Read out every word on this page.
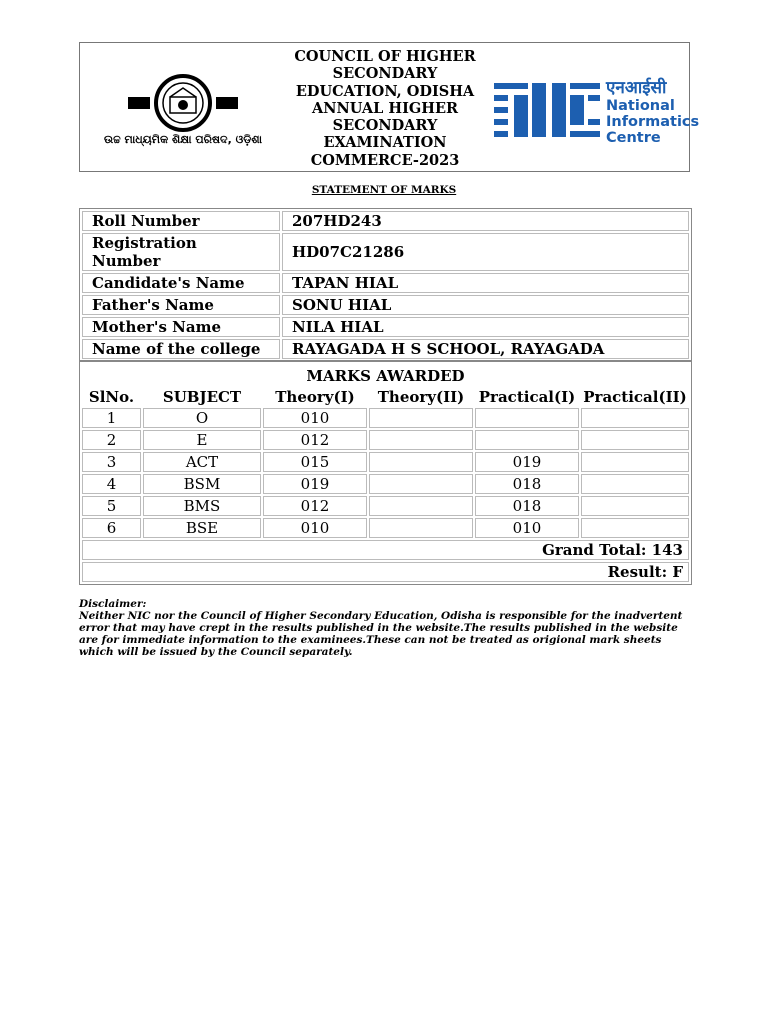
ଉଚ୍ଚ ମାଧ୍ୟମିକ ଶିକ୍ଷା ପରିଷଦ, ଓଡ଼ିଶା
COUNCIL OF HIGHER
SECONDARY
EDUCATION, ODISHA
ANNUAL HIGHER
SECONDARY
EXAMINATION
COMMERCE-2023
एनआईसी
National
Informatics
Centre
STATEMENT OF MARKS
Roll Number	207HD243
Registration Number	HD07C21286
Candidate's Name	TAPAN HIAL
Father's Name	SONU HIAL
Mother's Name	NILA HIAL
Name of the college	RAYAGADA H S SCHOOL, RAYAGADA
MARKS AWARDED					
SlNo.	SUBJECT	Theory(I)	Theory(II)	Practical(I)	Practical(II)
1	O	010			
2	E	012			
3	ACT	015		019	
4	BSM	019		018	
5	BMS	012		018	
6	BSE	010		010	
Grand Total: 143					
Result: F					
Disclaimer:
Neither NIC nor the Council of Higher Secondary Education, Odisha is responsible for the inadvertent error that may have crept in the results published in the website.The results published in the website are for immediate information to the examinees.These can not be treated as origional mark sheets which will be issued by the Council separately.
